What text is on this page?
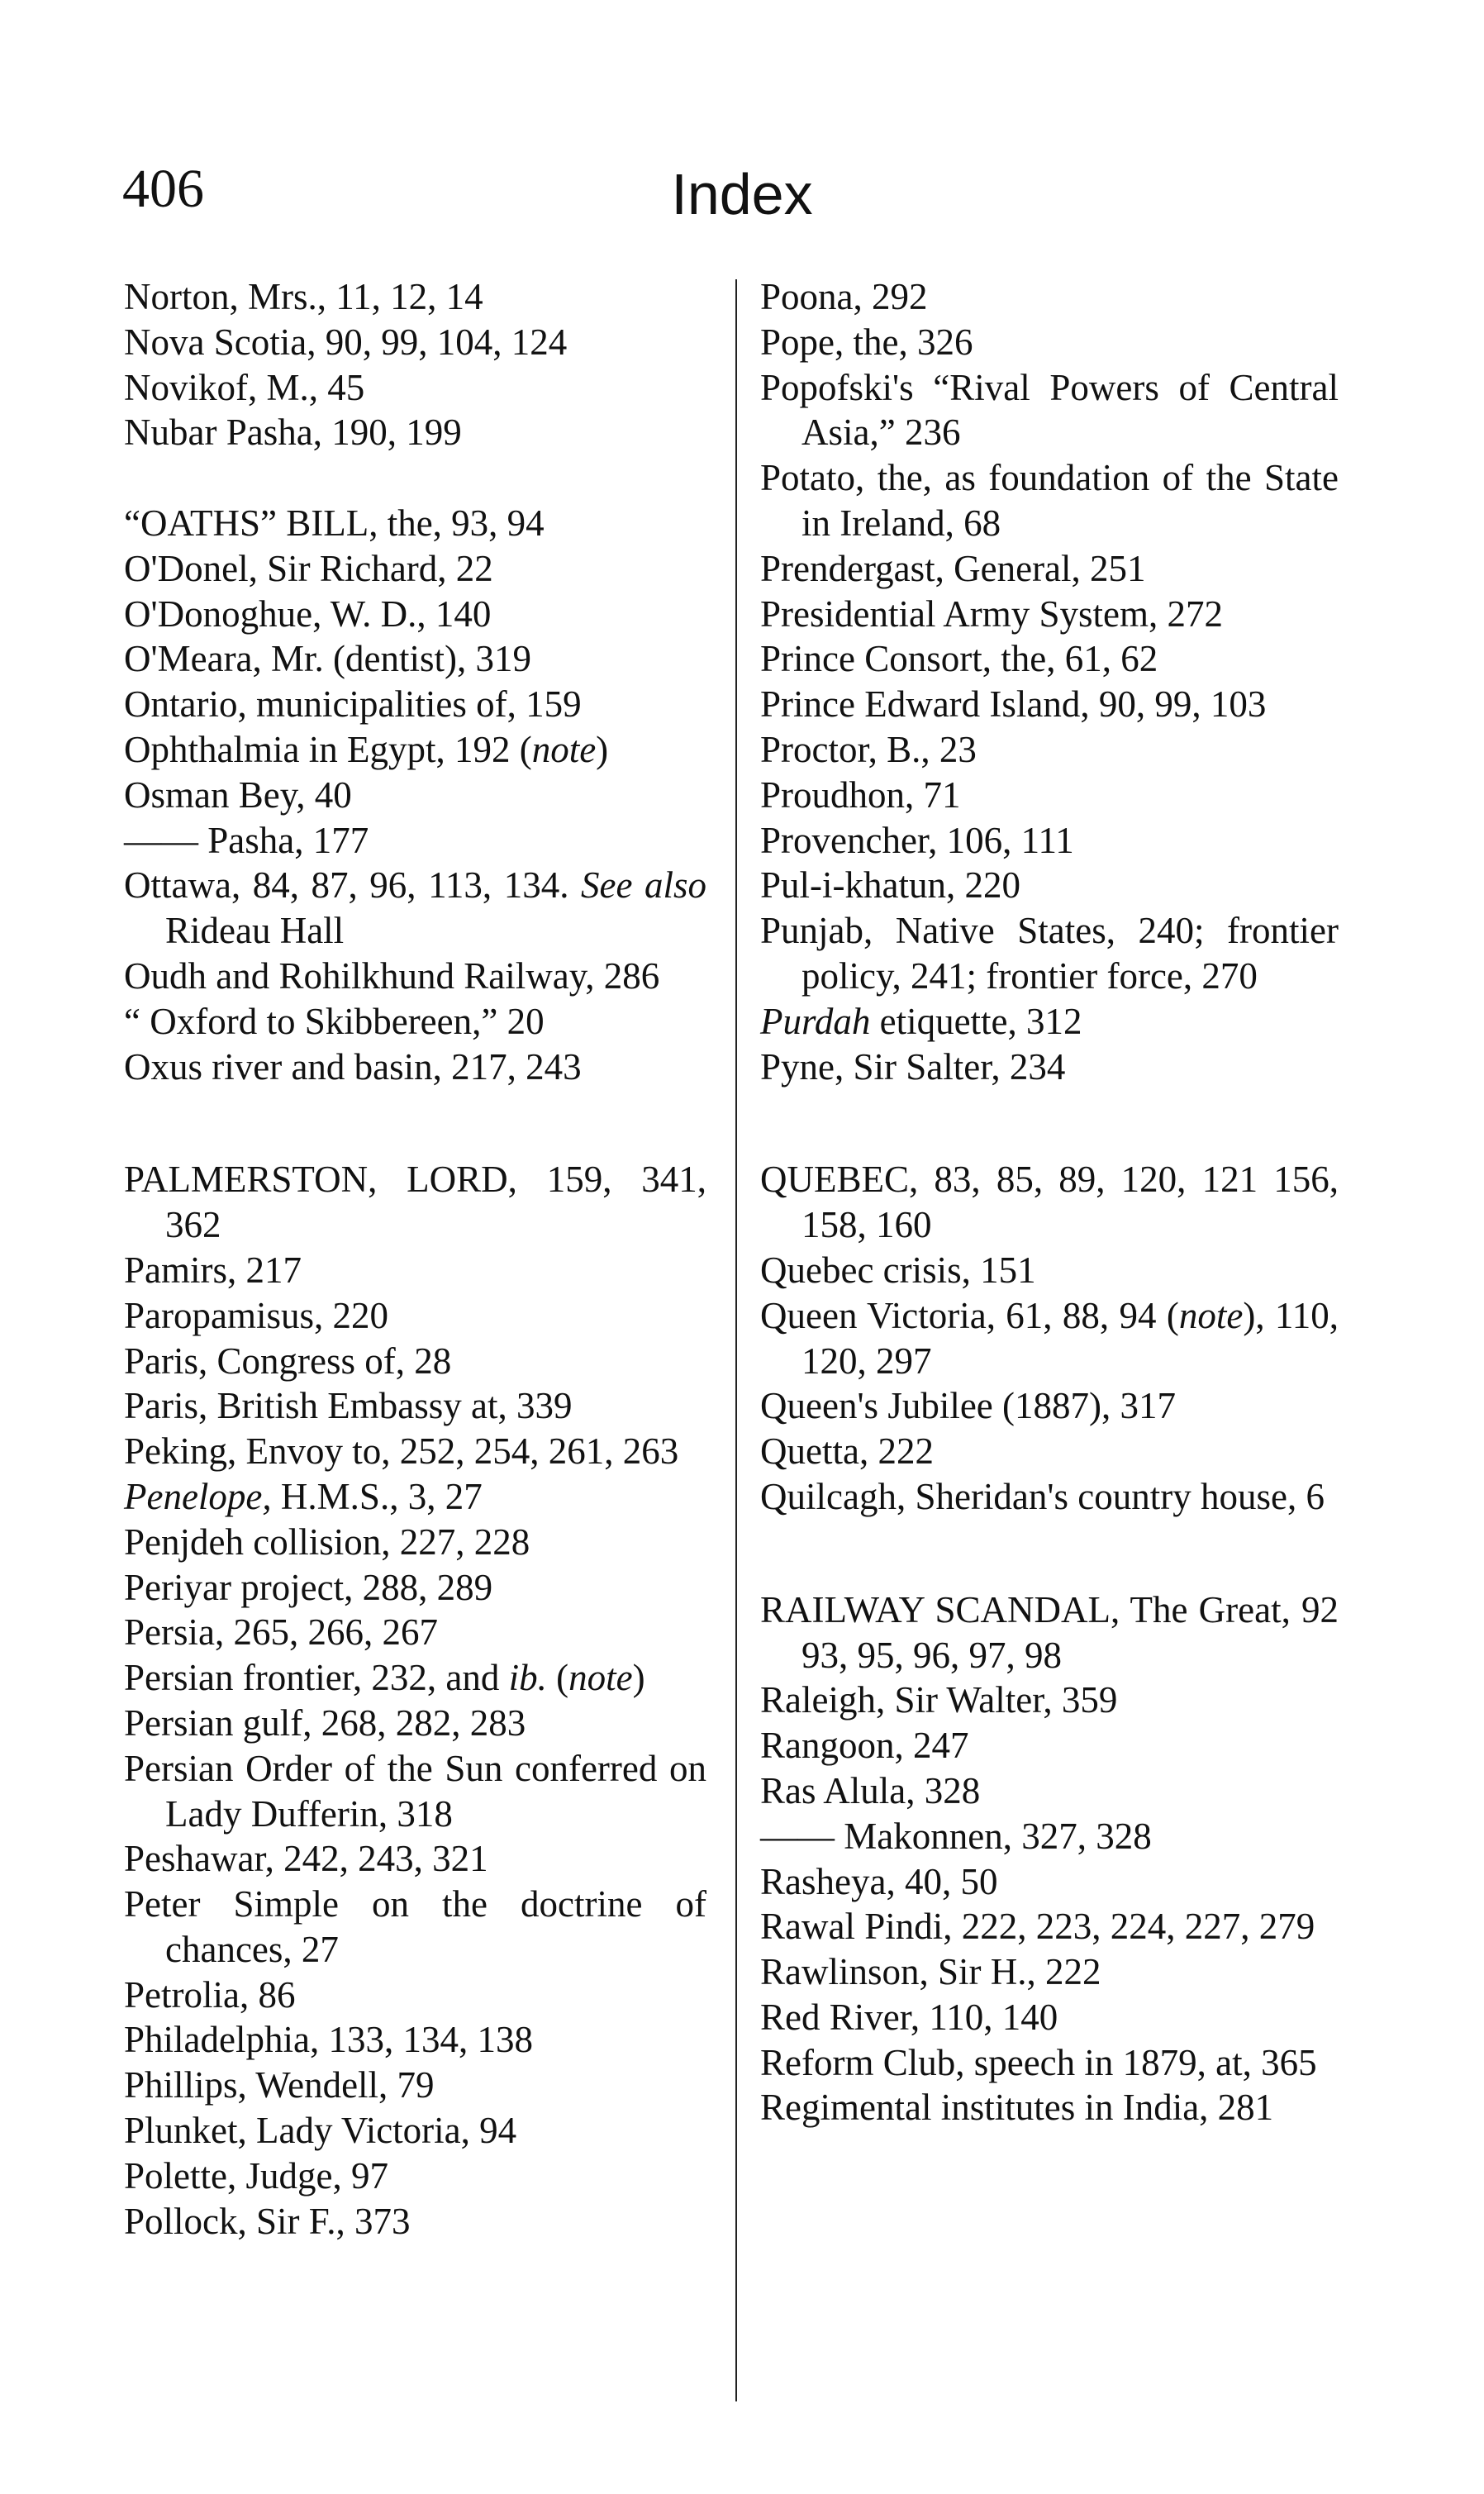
406	Index
Norton, Mrs., 11, 12, 14
Nova Scotia, 90, 99, 104, 124
Novikof, M., 45
Nubar Pasha, 190, 199
“OATHS” BILL, the, 93, 94
O'Donel, Sir Richard, 22
O'Donoghue, W. D., 140
O'Meara, Mr. (dentist), 319
Ontario, municipalities of, 159
Ophthalmia in Egypt, 192 (note)
Osman Bey, 40
—— Pasha, 177
Ottawa, 84, 87, 96, 113, 134. See also Rideau Hall
Oudh and Rohilkhund Railway, 286
“ Oxford to Skibbereen,” 20
Oxus river and basin, 217, 243
PALMERSTON, LORD, 159, 341, 362
Pamirs, 217
Paropamisus, 220
Paris, Congress of, 28
Paris, British Embassy at, 339
Peking, Envoy to, 252, 254, 261, 263
Penelope, H.M.S., 3, 27
Penjdeh collision, 227, 228
Periyar project, 288, 289
Persia, 265, 266, 267
Persian frontier, 232, and ib. (note)
Persian gulf, 268, 282, 283
Persian Order of the Sun conferred on Lady Dufferin, 318
Peshawar, 242, 243, 321
Peter Simple on the doctrine of chances, 27
Petrolia, 86
Philadelphia, 133, 134, 138
Phillips, Wendell, 79
Plunket, Lady Victoria, 94
Polette, Judge, 97
Pollock, Sir F., 373
Poona, 292
Pope, the, 326
Popofski's “Rival Powers of Central Asia,” 236
Potato, the, as foundation of the State in Ireland, 68
Prendergast, General, 251
Presidential Army System, 272
Prince Consort, the, 61, 62
Prince Edward Island, 90, 99, 103
Proctor, B., 23
Proudhon, 71
Provencher, 106, 111
Pul-i-khatun, 220
Punjab, Native States, 240; frontier policy, 241; frontier force, 270
Purdah etiquette, 312
Pyne, Sir Salter, 234
QUEBEC, 83, 85, 89, 120, 121 156, 158, 160
Quebec crisis, 151
Queen Victoria, 61, 88, 94 (note), 110, 120, 297
Queen's Jubilee (1887), 317
Quetta, 222
Quilcagh, Sheridan's country house, 6
RAILWAY SCANDAL, The Great, 92 93, 95, 96, 97, 98
Raleigh, Sir Walter, 359
Rangoon, 247
Ras Alula, 328
—— Makonnen, 327, 328
Rasheya, 40, 50
Rawal Pindi, 222, 223, 224, 227, 279
Rawlinson, Sir H., 222
Red River, 110, 140
Reform Club, speech in 1879, at, 365
Regimental institutes in India, 281
